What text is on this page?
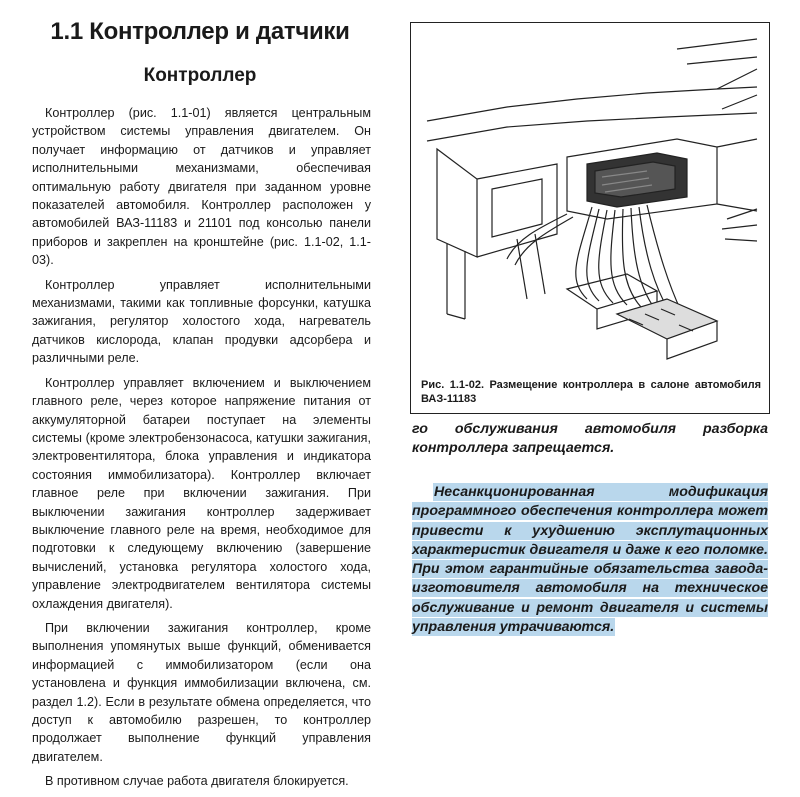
1.1 Контроллер и датчики
Контроллер

Контроллер (рис. 1.1-01) является центральным устройством системы управления двигателем. Он получает информацию от датчиков и управляет исполнительными механизмами, обеспечивая оптимальную работу двигателя при заданном уровне показателей автомобиля. Контроллер расположен у автомобилей ВАЗ-11183 и 21101 под консолью панели приборов и закреплен на кронштейне (рис. 1.1-02, 1.1-03).

Контроллер управляет исполнительными механизмами, такими как топливные форсунки, катушка зажигания, регулятор холостого хода, нагреватель датчиков кислорода, клапан продувки адсорбера и различными реле.

Контроллер управляет включением и выключением главного реле, через которое напряжение питания от аккумуляторной батареи поступает на элементы системы (кроме электробензонасоса, катушки зажигания, электровентилятора, блока управления и индикатора состояния иммобилизатора). Контроллер включает главное реле при включении зажигания. При выключении зажигания контроллер задерживает выключение главного реле на время, необходимое для подготовки к следующему включению (завершение вычислений, установка регулятора холостого хода, управление электродвигателем вентилятора системы охлаждения двигателя).

При включении зажигания контроллер, кроме выполнения упомянутых выше функций, обменивается информацией с иммобилизатором (если она установлена и функция иммобилизации включена, см. раздел 1.2). Если в результате обмена определяется, что доступ к автомобилю разрешен, то контроллер продолжает выполнение функций управления двигателем.

В противном случае работа двигателя блокируется.

Рис. 1.1-02. Размещение контроллера в салоне автомобиля ВАЗ-11183

го обслуживания автомобиля разборка контроллера запрещается.

Несанкционированная модификация программного обеспечения контроллера может привести к ухудшению эксплутационных характеристик двигателя и даже к его поломке. При этом гарантийные обязательства завода-изготовителя автомобиля на техническое обслуживание и ремонт двигателя и системы управления утрачиваются.
